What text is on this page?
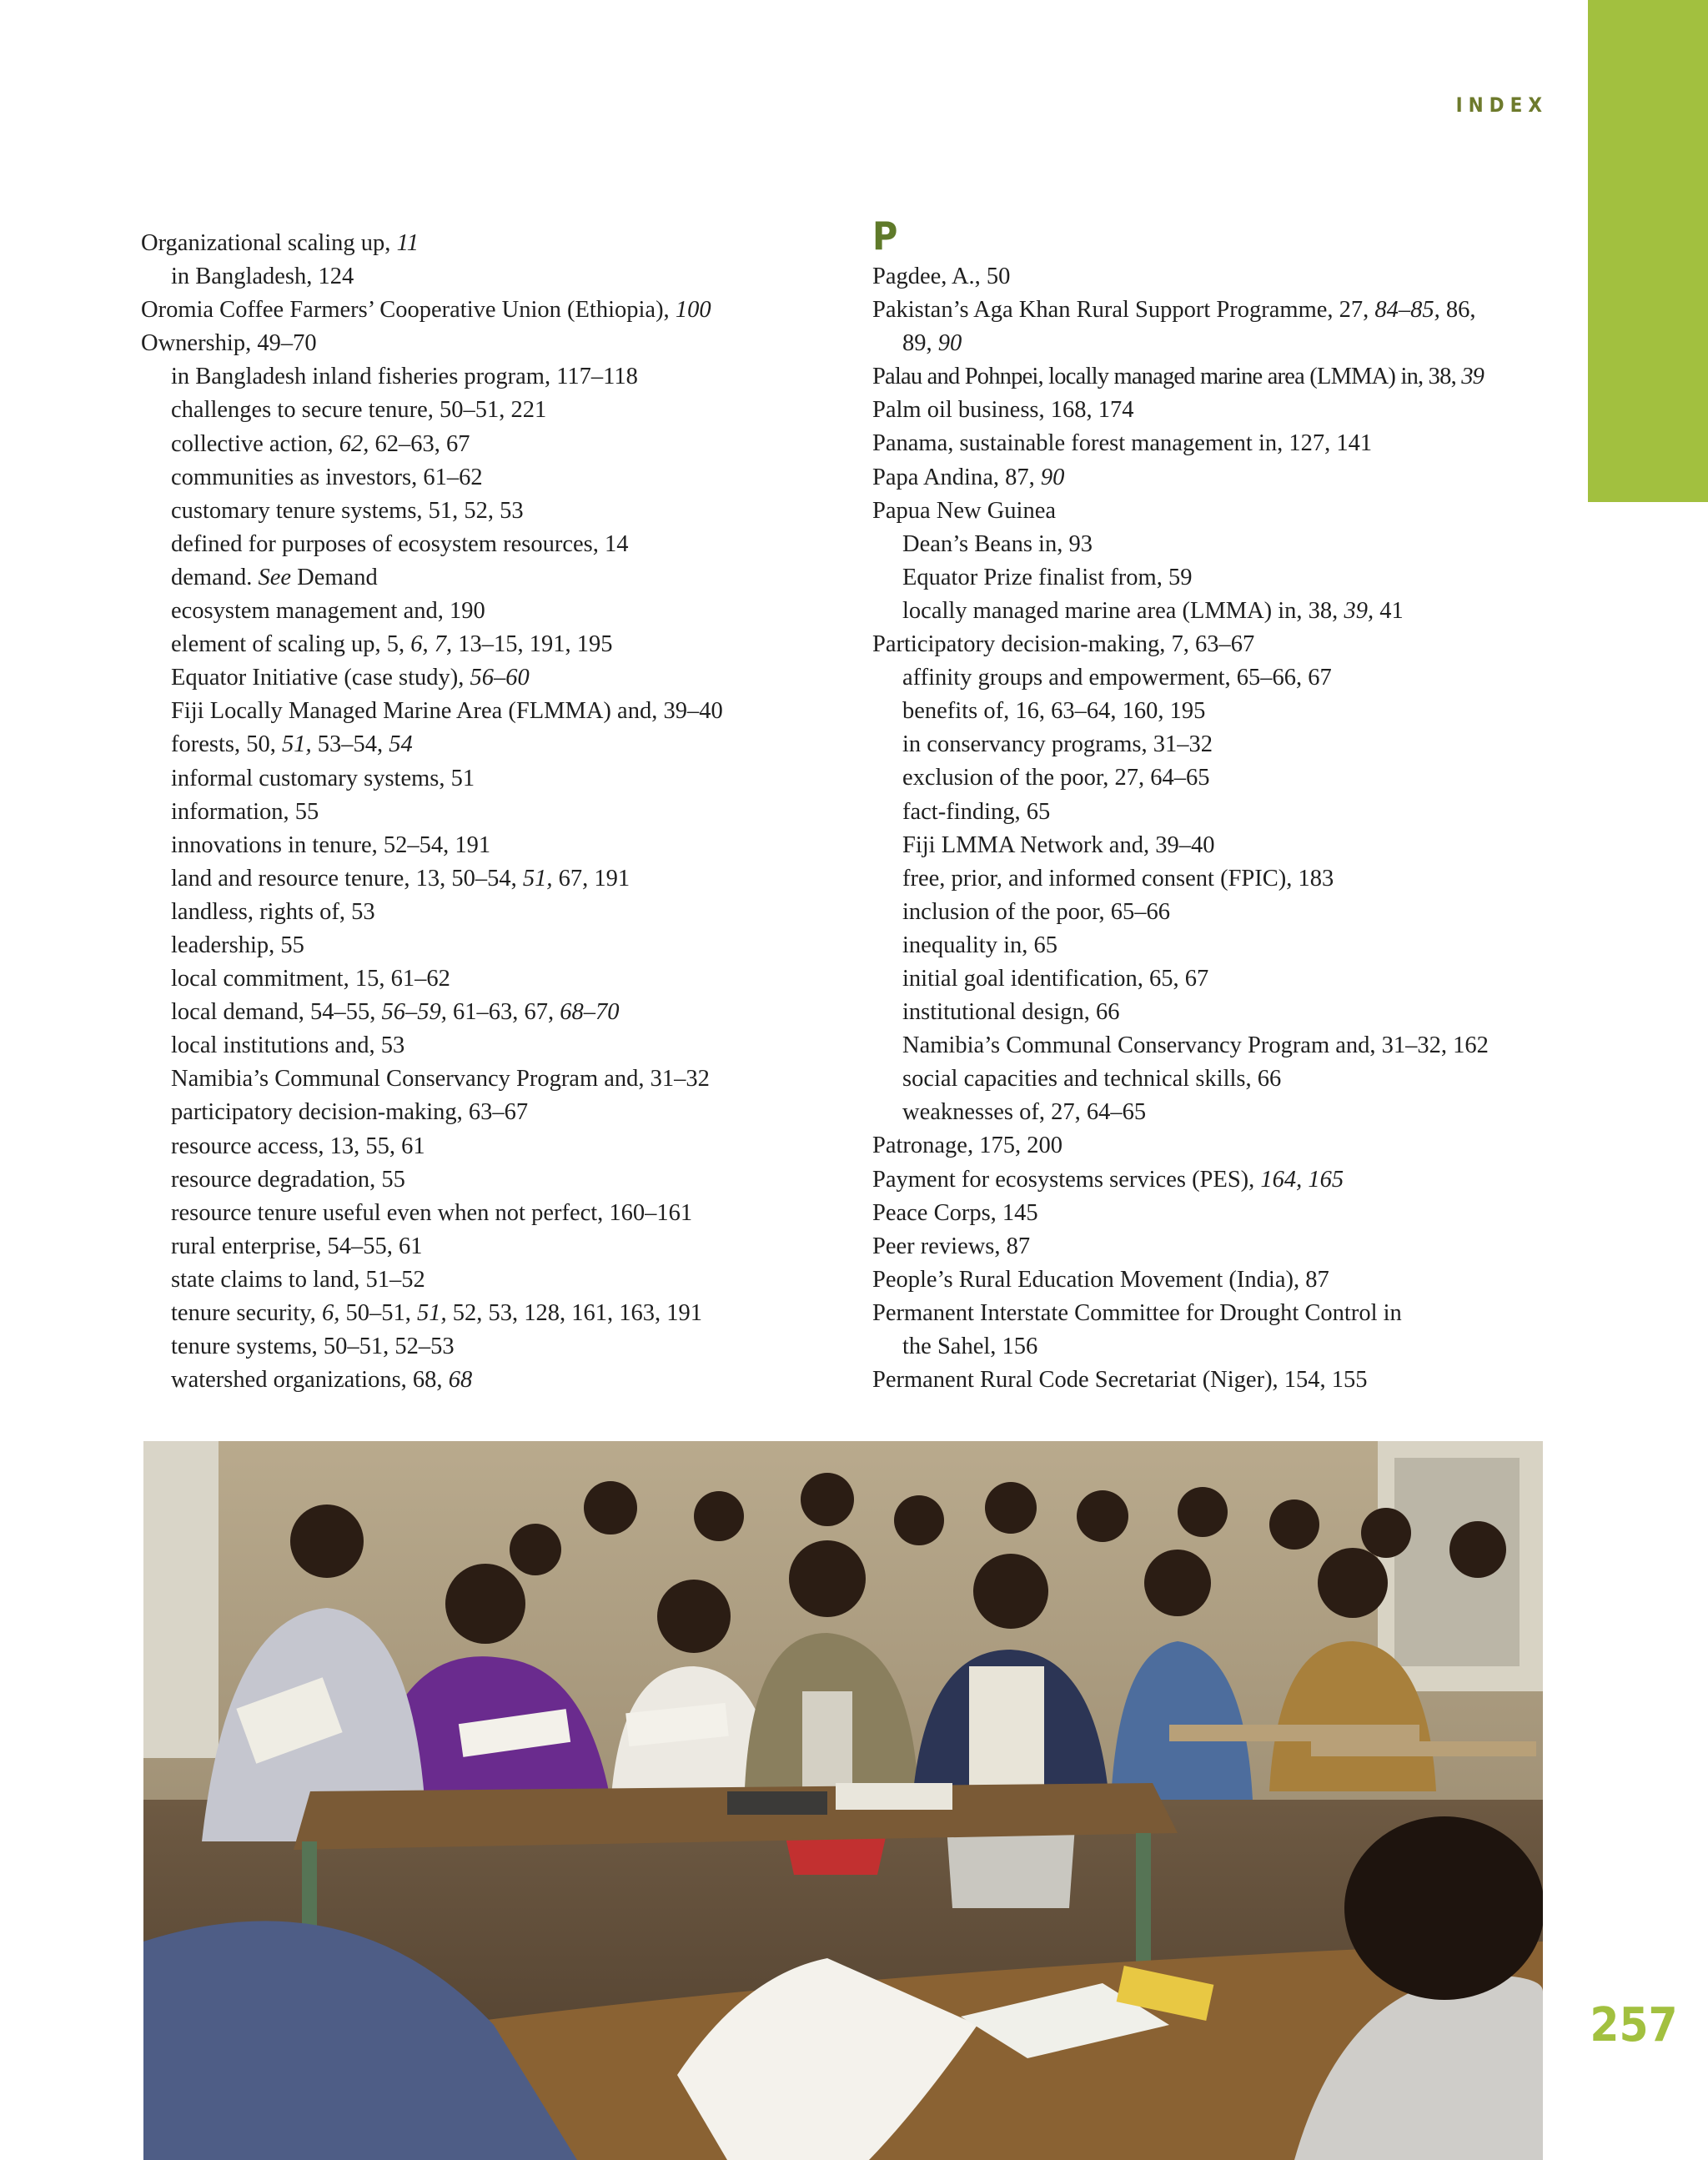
INDEX
Organizational scaling up, 11
in Bangladesh, 124
Oromia Coffee Farmers’ Cooperative Union (Ethiopia), 100
Ownership, 49–70
in Bangladesh inland fisheries program, 117–118
challenges to secure tenure, 50–51, 221
collective action, 62, 62–63, 67
communities as investors, 61–62
customary tenure systems, 51, 52, 53
defined for purposes of ecosystem resources, 14
demand. See Demand
ecosystem management and, 190
element of scaling up, 5, 6, 7, 13–15, 191, 195
Equator Initiative (case study), 56–60
Fiji Locally Managed Marine Area (FLMMA) and, 39–40
forests, 50, 51, 53–54, 54
informal customary systems, 51
information, 55
innovations in tenure, 52–54, 191
land and resource tenure, 13, 50–54, 51, 67, 191
landless, rights of, 53
leadership, 55
local commitment, 15, 61–62
local demand, 54–55, 56–59, 61–63, 67, 68–70
local institutions and, 53
Namibia’s Communal Conservancy Program and, 31–32
participatory decision-making, 63–67
resource access, 13, 55, 61
resource degradation, 55
resource tenure useful even when not perfect, 160–161
rural enterprise, 54–55, 61
state claims to land, 51–52
tenure security, 6, 50–51, 51, 52, 53, 128, 161, 163, 191
tenure systems, 50–51, 52–53
watershed organizations, 68, 68
P
Pagdee, A., 50
Pakistan’s Aga Khan Rural Support Programme, 27, 84–85, 86,
89, 90
Palau and Pohnpei, locally managed marine area (LMMA) in, 38, 39
Palm oil business, 168, 174
Panama, sustainable forest management in, 127, 141
Papa Andina, 87, 90
Papua New Guinea
Dean’s Beans in, 93
Equator Prize finalist from, 59
locally managed marine area (LMMA) in, 38, 39, 41
Participatory decision-making, 7, 63–67
affinity groups and empowerment, 65–66, 67
benefits of, 16, 63–64, 160, 195
in conservancy programs, 31–32
exclusion of the poor, 27, 64–65
fact-finding, 65
Fiji LMMA Network and, 39–40
free, prior, and informed consent (FPIC), 183
inclusion of the poor, 65–66
inequality in, 65
initial goal identification, 65, 67
institutional design, 66
Namibia’s Communal Conservancy Program and, 31–32, 162
social capacities and technical skills, 66
weaknesses of, 27, 64–65
Patronage, 175, 200
Payment for ecosystems services (PES), 164, 165
Peace Corps, 145
Peer reviews, 87
People’s Rural Education Movement (India), 87
Permanent Interstate Committee for Drought Control in
the Sahel, 156
Permanent Rural Code Secretariat (Niger), 154, 155
257
